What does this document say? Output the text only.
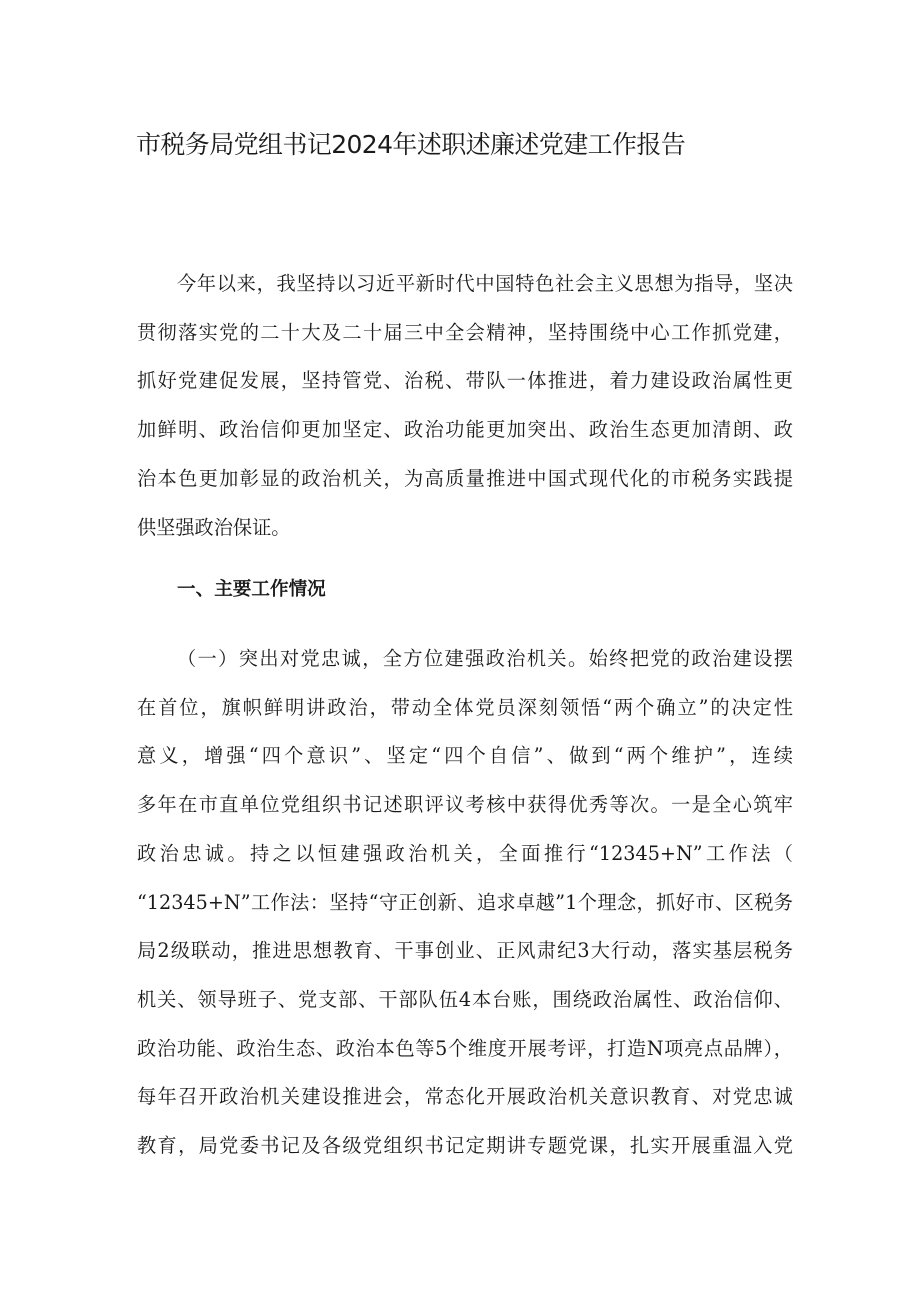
市税务局党组书记2024年述职述廉述党建工作报告
今年以来，我坚持以习近平新时代中国特色社会主义思想为指导，坚决
贯彻落实党的二十大及二十届三中全会精神，坚持围绕中心工作抓党建，
抓好党建促发展，坚持管党、治税、带队一体推进，着力建设政治属性更
加鲜明、政治信仰更加坚定、政治功能更加突出、政治生态更加清朗、政
治本色更加彰显的政治机关，为高质量推进中国式现代化的市税务实践提
供坚强政治保证。
一、主要工作情况
（一）突出对党忠诚，全方位建强政治机关。始终把党的政治建设摆
在首位，旗帜鲜明讲政治，带动全体党员深刻领悟“两个确立”的决定性
意义，增强“四个意识”、坚定“四个自信”、做到“两个维护”，连续
多年在市直单位党组织书记述职评议考核中获得优秀等次。一是全心筑牢
政治忠诚。持之以恒建强政治机关，全面推行“12345+N”工作法（
“12345+N”工作法：坚持“守正创新、追求卓越”1个理念，抓好市、区税务
局2级联动，推进思想教育、干事创业、正风肃纪3大行动，落实基层税务
机关、领导班子、党支部、干部队伍4本台账，围绕政治属性、政治信仰、
政治功能、政治生态、政治本色等5个维度开展考评，打造N项亮点品牌），
每年召开政治机关建设推进会，常态化开展政治机关意识教育、对党忠诚
教育，局党委书记及各级党组织书记定期讲专题党课，扎实开展重温入党
